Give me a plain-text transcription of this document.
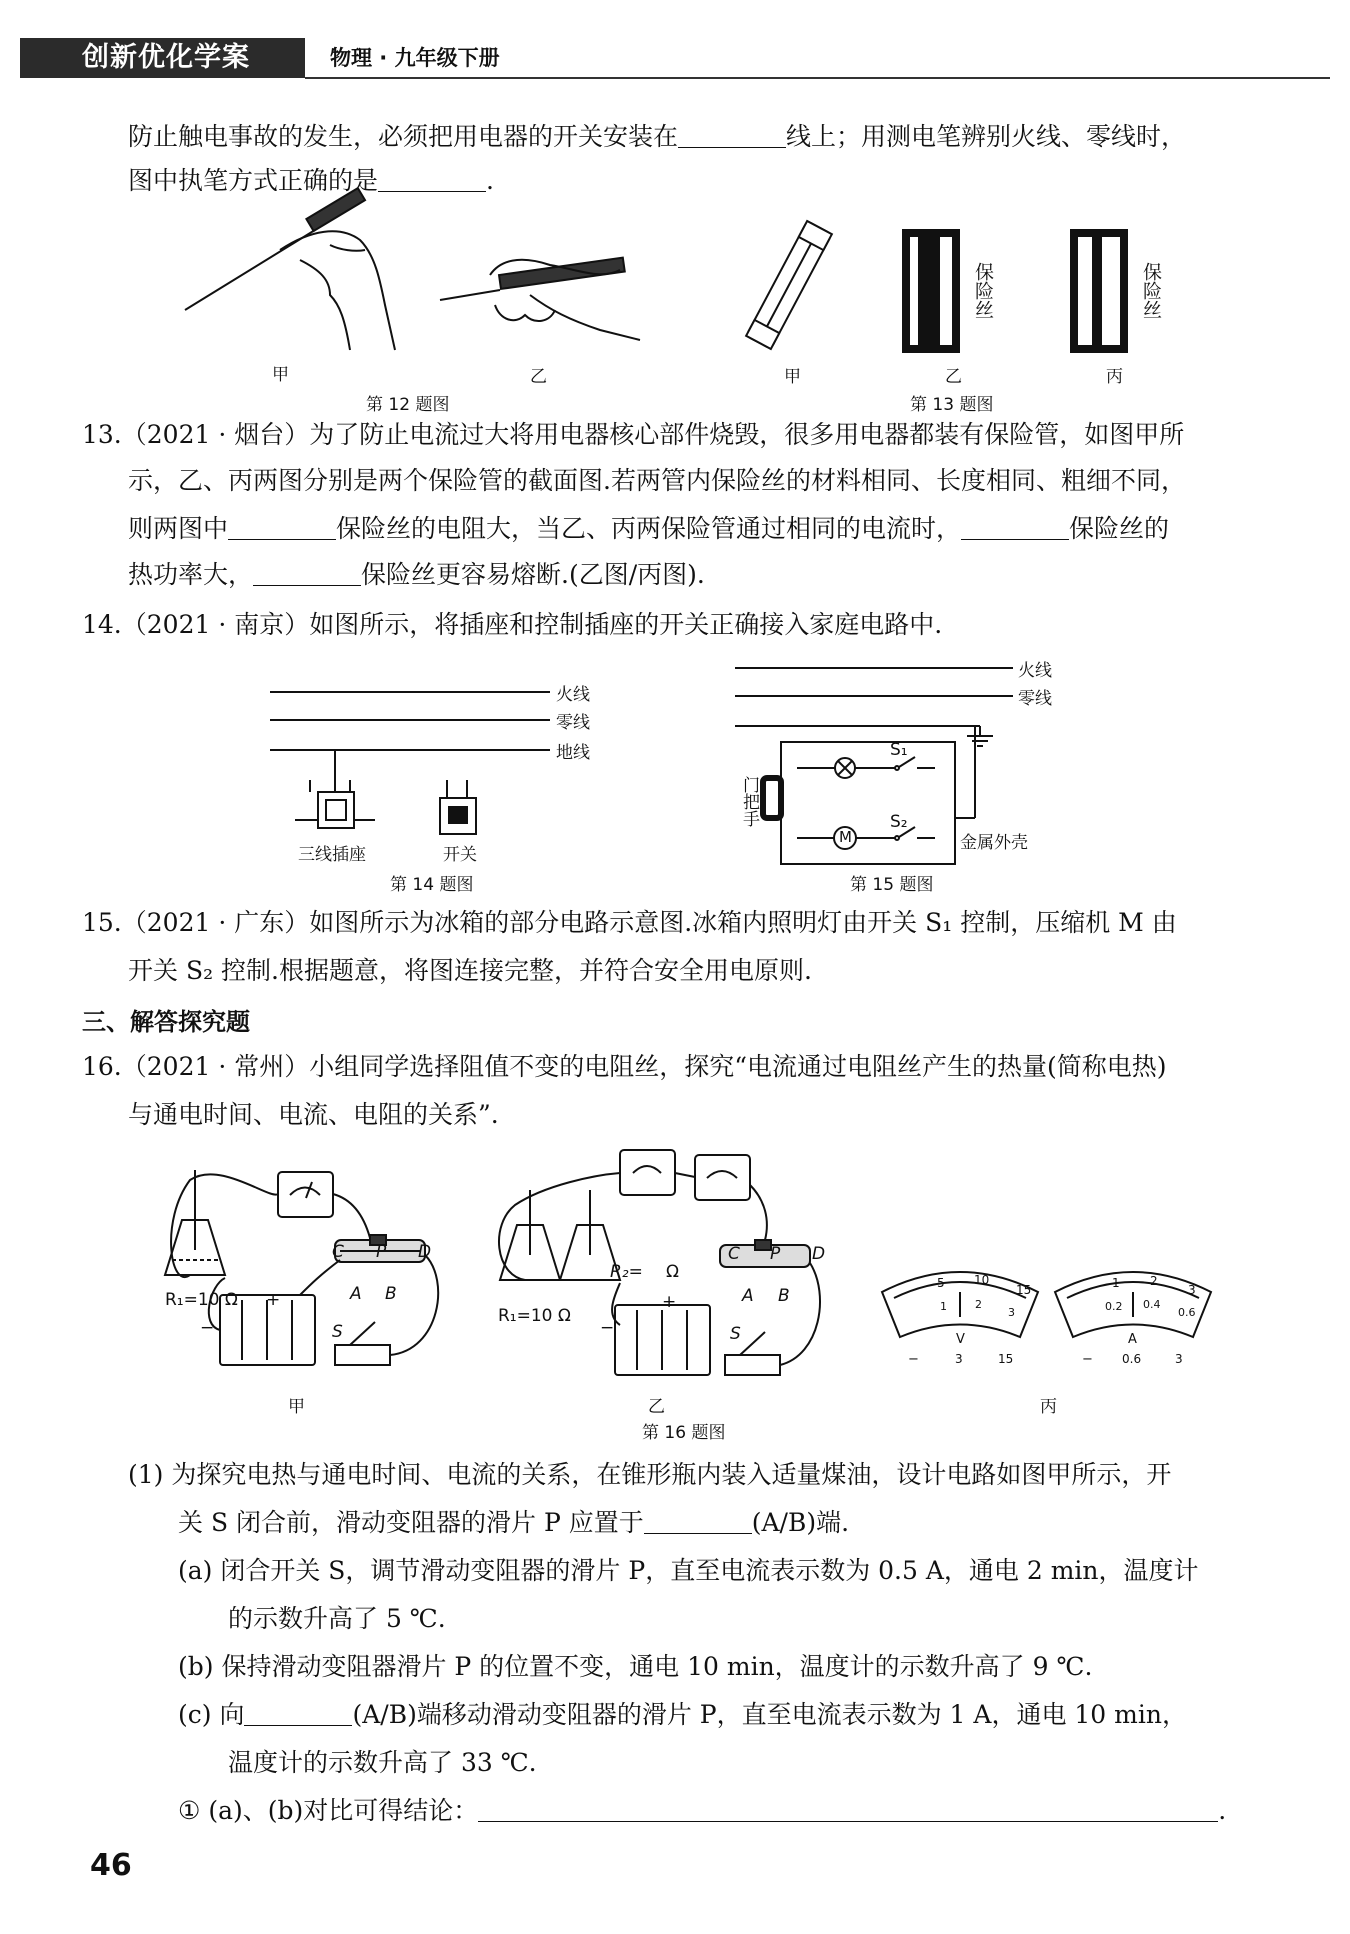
创新优化学案	物理 · 九年级下册
防止触电事故的发生，必须把用电器的开关安装在	线上；用测电笔辨别火线、零线时，
图中执笔方式正确的是	.
甲	乙
第 12 题图
保险丝	保险丝
甲	乙	丙
第 13 题图
13.（2021 · 烟台）为了防止电流过大将用电器核心部件烧毁，很多用电器都装有保险管，如图甲所
示，乙、丙两图分别是两个保险管的截面图.若两管内保险丝的材料相同、长度相同、粗细不同，
则两图中	保险丝的电阻大，当乙、丙两保险管通过相同的电流时，	保险丝的
热功率大，	保险丝更容易熔断.(乙图/丙图).
14.（2021 · 南京）如图所示，将插座和控制插座的开关正确接入家庭电路中.
火线
零线
地线
三线插座	开关
第 14 题图
火线
零线
门把手
S₁
S₂
M	金属外壳
第 15 题图
15.（2021 · 广东）如图所示为冰箱的部分电路示意图.冰箱内照明灯由开关 S₁ 控制，压缩机 M 由
开关 S₂ 控制.根据题意，将图连接完整，并符合安全用电原则.
三、解答探究题
16.（2021 · 常州）小组同学选择阻值不变的电阻丝，探究“电流通过电阻丝产生的热量(简称电热)
与通电时间、电流、电阻的关系”.
R₁=10 Ω +
−
C P D
A B
S
甲
R₁=10 Ω
R₂= Ω
+
−
C P D
A B
S
乙
第 16 题图
5 10
15
1	2
3
V
−	3	15
1	2
3
0.2 0.4
0.6
A
− 0.6	3
丙
(1) 为探究电热与通电时间、电流的关系，在锥形瓶内装入适量煤油，设计电路如图甲所示，开
关 S 闭合前，滑动变阻器的滑片 P 应置于	(A/B)端.
(a) 闭合开关 S，调节滑动变阻器的滑片 P，直至电流表示数为 0.5 A，通电 2 min，温度计
的示数升高了 5 ℃.
(b) 保持滑动变阻器滑片 P 的位置不变，通电 10 min，温度计的示数升高了 9 ℃.
(c) 向	(A/B)端移动滑动变阻器的滑片 P，直至电流表示数为 1 A，通电 10 min，
温度计的示数升高了 33 ℃.
① (a)、(b)对比可得结论：	.
46
